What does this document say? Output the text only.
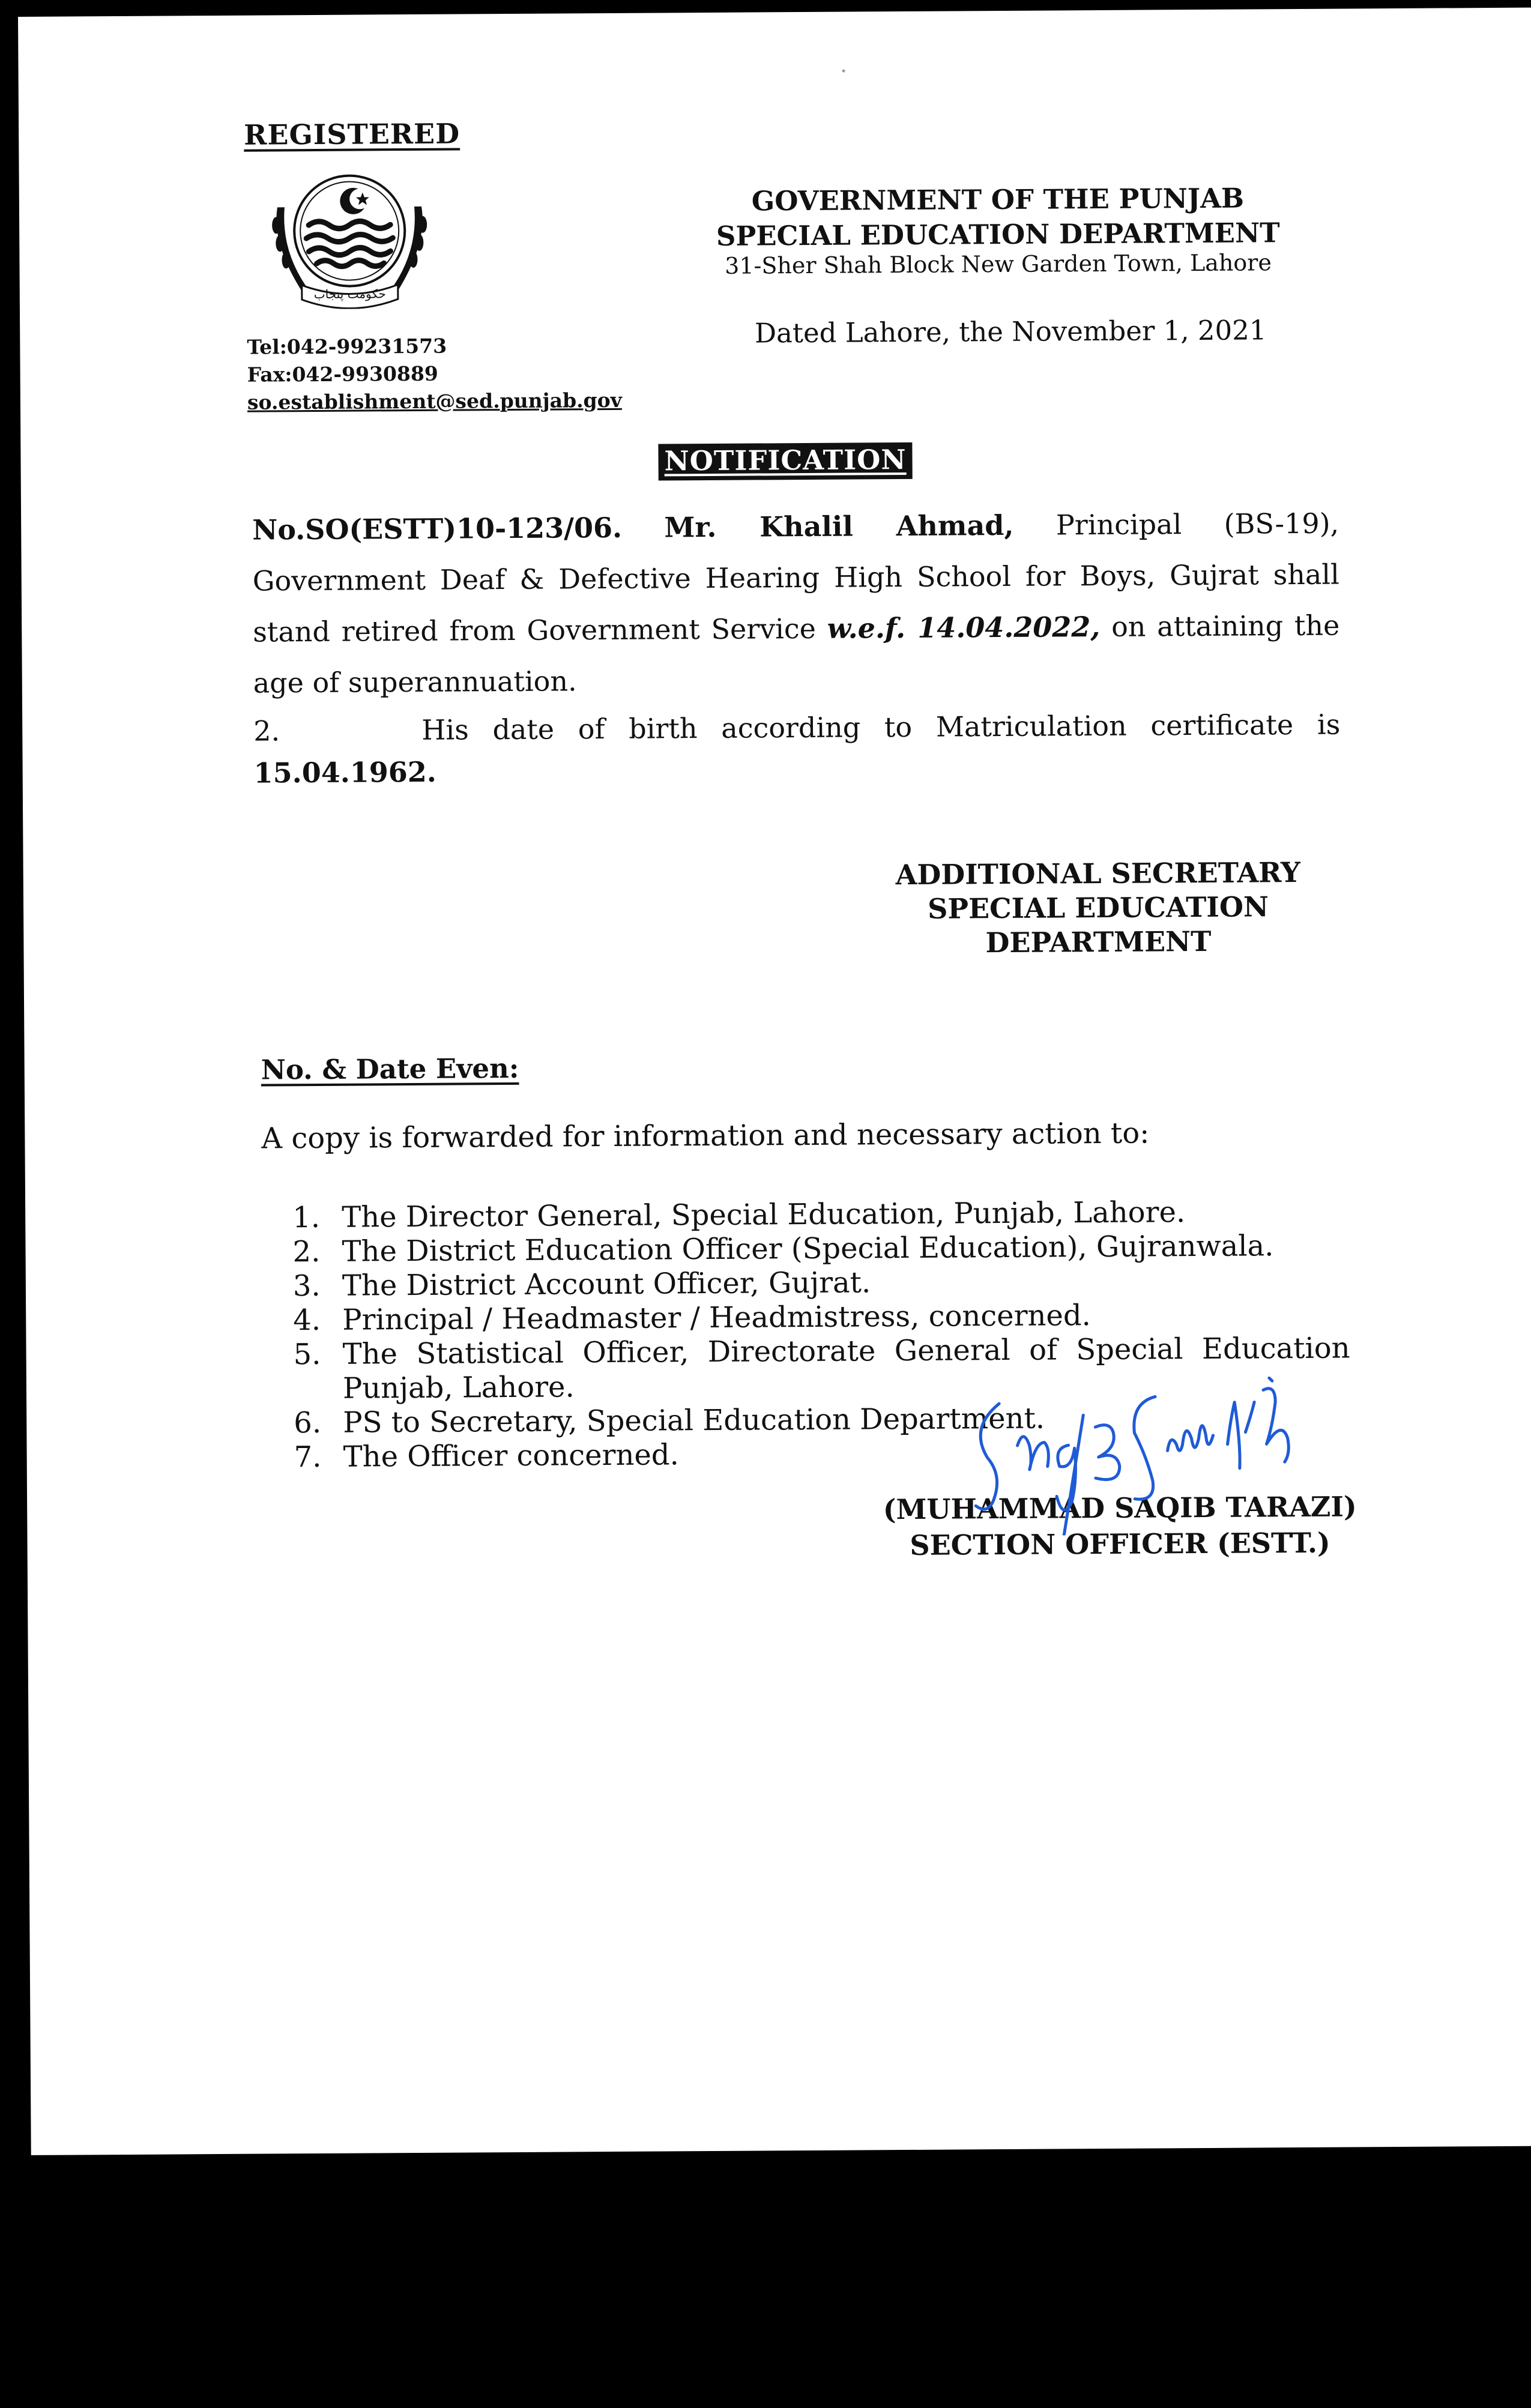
REGISTERED
حکومت پنجاب
Tel:042-99231573
Fax:042-9930889
so.establishment@sed.punjab.gov
GOVERNMENT OF THE PUNJAB
SPECIAL EDUCATION DEPARTMENT
31-Sher Shah Block New Garden Town, Lahore
Dated Lahore, the November 1, 2021
NOTIFICATION
No.SO(ESTT)10-123/06. Mr. Khalil Ahmad, Principal (BS-19), Government Deaf & Defective Hearing High School for Boys, Gujrat shall stand retired from Government Service w.e.f. 14.04.2022, on attaining the age of superannuation.
2.	His date of birth according to Matriculation certificate is
15.04.1962.
ADDITIONAL SECRETARY
SPECIAL EDUCATION
DEPARTMENT
No. & Date Even:
A copy is forwarded for information and necessary action to:
1. The Director General, Special Education, Punjab, Lahore.
2. The District Education Officer (Special Education), Gujranwala.
3. The District Account Officer, Gujrat.
4. Principal / Headmaster / Headmistress, concerned.
5. The Statistical Officer, Directorate General of Special Education Punjab, Lahore.
6. PS to Secretary, Special Education Department.
7. The Officer concerned.
(MUHAMMAD SAQIB TARAZI)
SECTION OFFICER (ESTT.)
